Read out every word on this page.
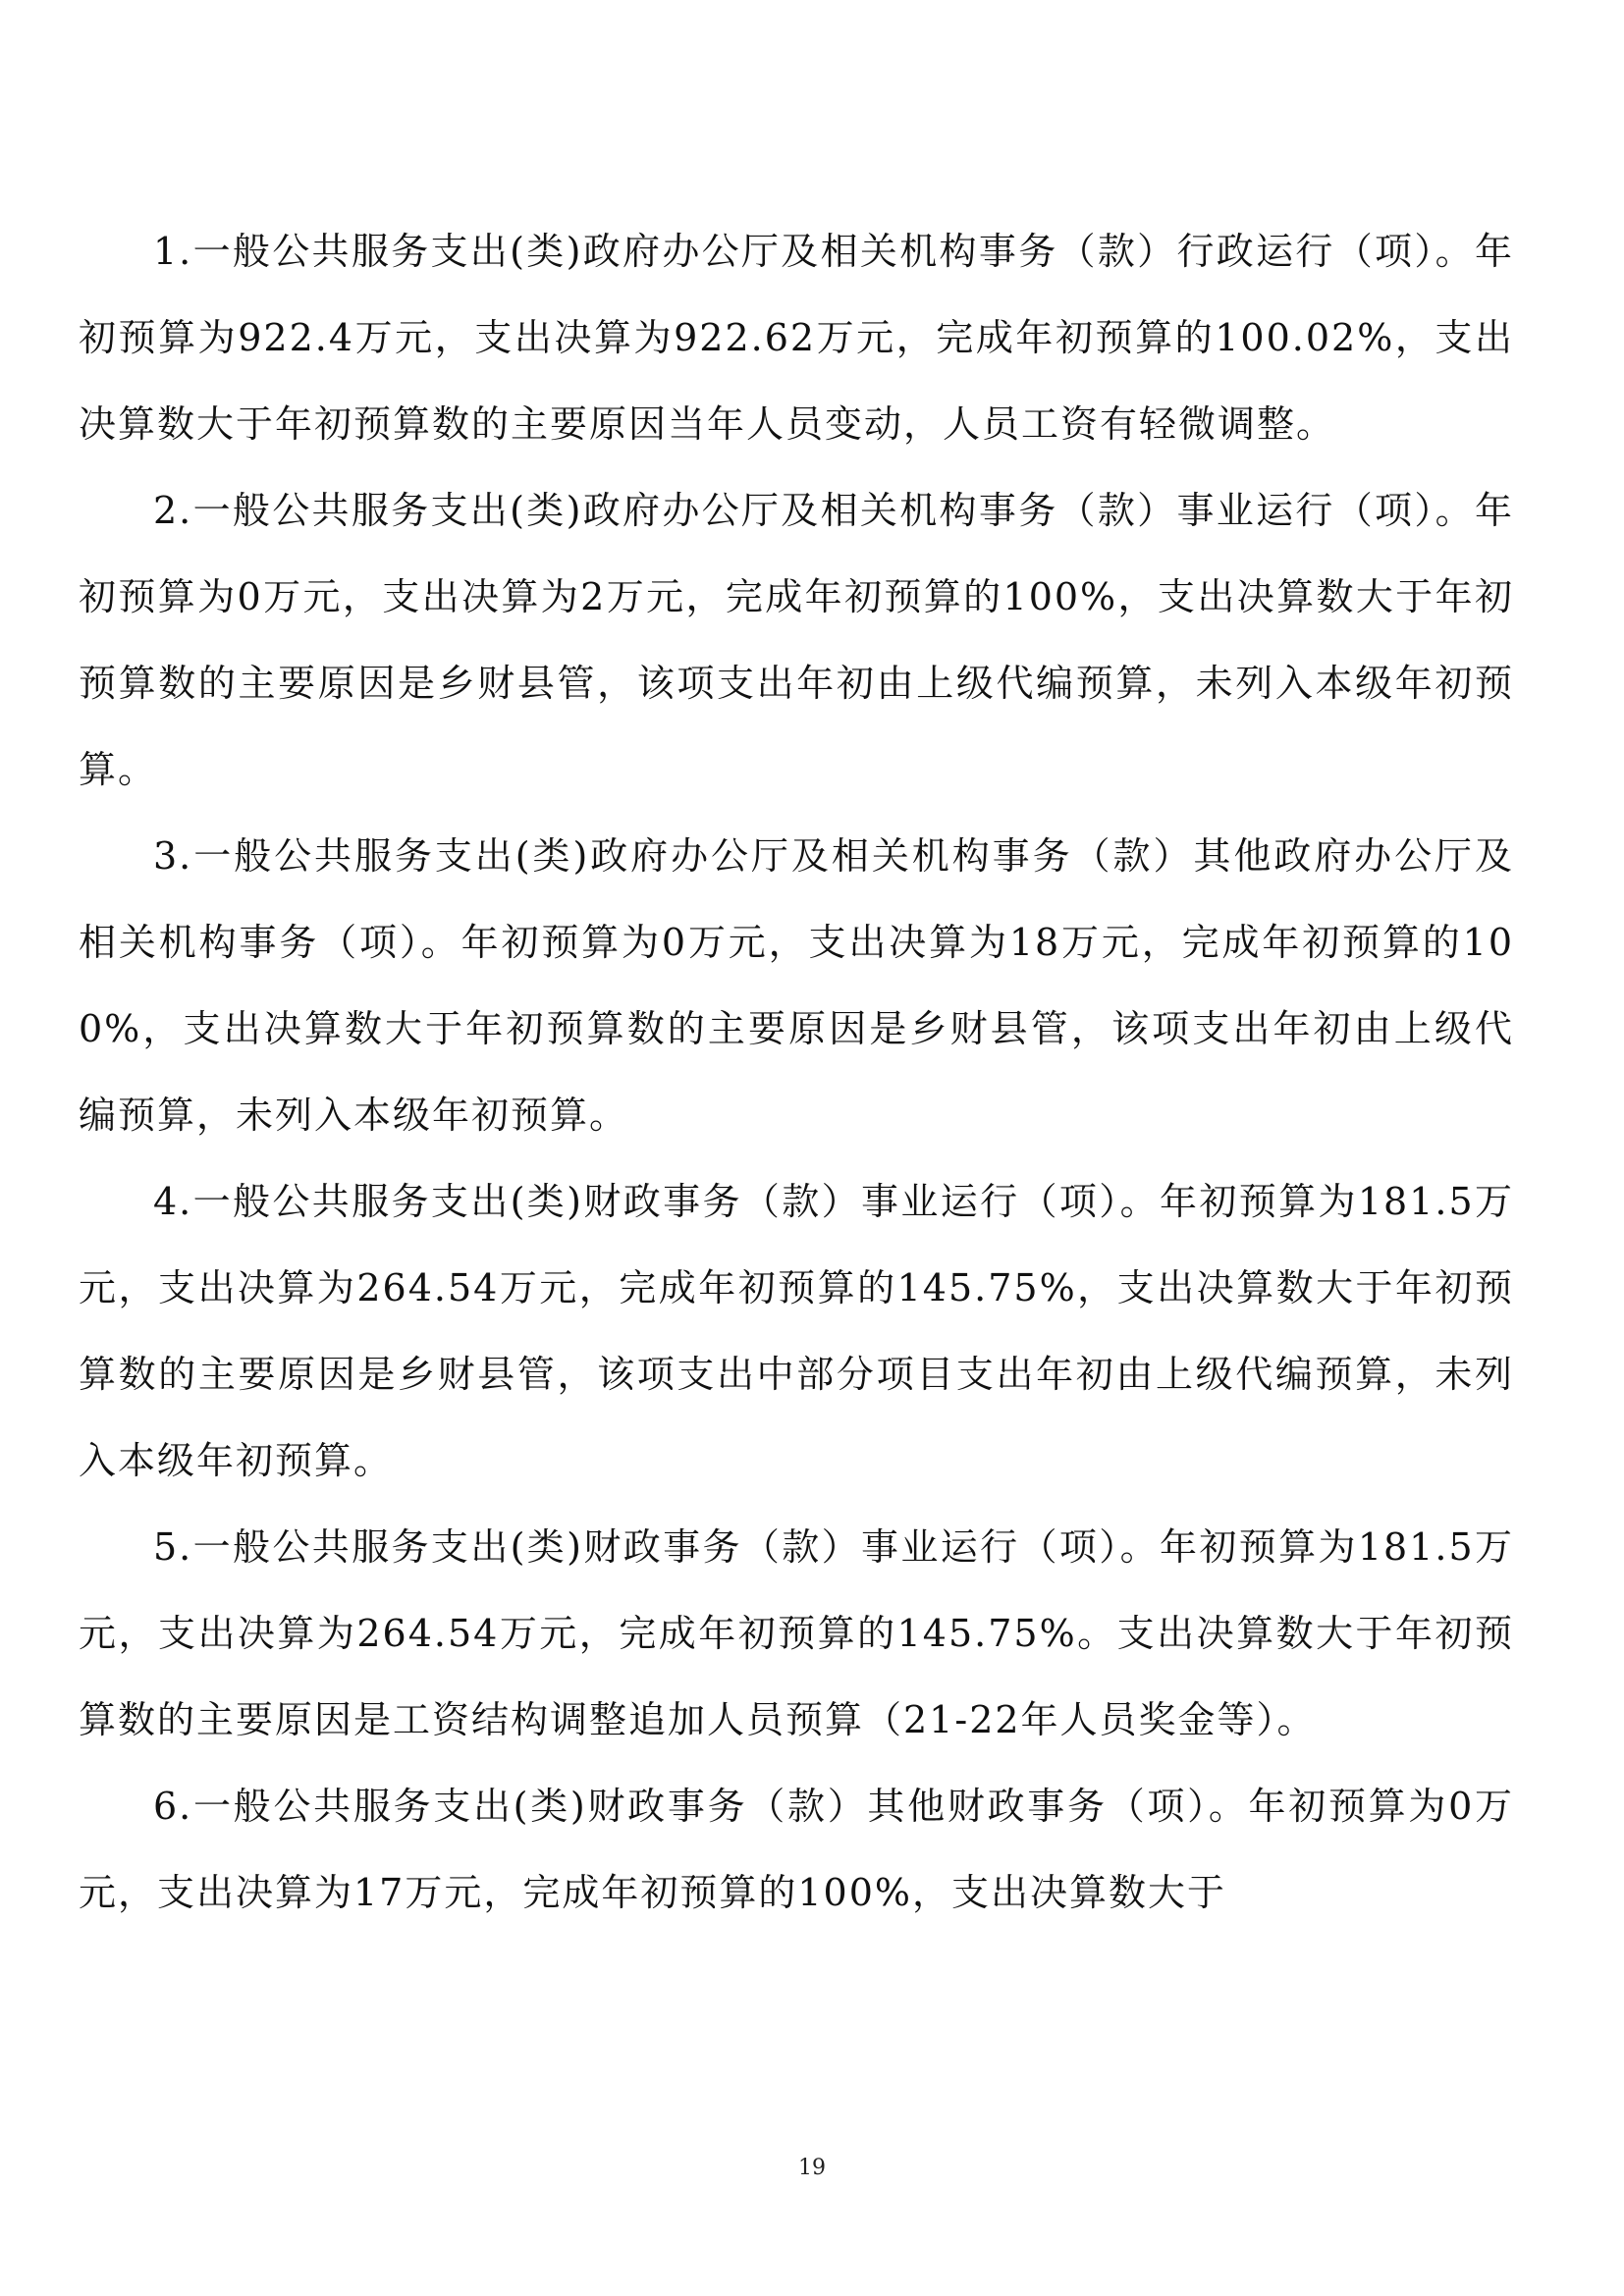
1.一般公共服务支出(类)政府办公厅及相关机构事务（款）行政运行（项）。年初预算为922.4万元，支出决算为922.62万元，完成年初预算的100.02%，支出决算数大于年初预算数的主要原因当年人员变动，人员工资有轻微调整。

2.一般公共服务支出(类)政府办公厅及相关机构事务（款）事业运行（项）。年初预算为0万元，支出决算为2万元，完成年初预算的100%，支出决算数大于年初预算数的主要原因是乡财县管，该项支出年初由上级代编预算，未列入本级年初预算。

3.一般公共服务支出(类)政府办公厅及相关机构事务（款）其他政府办公厅及相关机构事务（项）。年初预算为0万元，支出决算为18万元，完成年初预算的100%，支出决算数大于年初预算数的主要原因是乡财县管，该项支出年初由上级代编预算，未列入本级年初预算。

4.一般公共服务支出(类)财政事务（款）事业运行（项）。年初预算为181.5万元，支出决算为264.54万元，完成年初预算的145.75%，支出决算数大于年初预算数的主要原因是乡财县管，该项支出中部分项目支出年初由上级代编预算，未列入本级年初预算。

5.一般公共服务支出(类)财政事务（款）事业运行（项）。年初预算为181.5万元，支出决算为264.54万元，完成年初预算的145.75%。支出决算数大于年初预算数的主要原因是工资结构调整追加人员预算（21-22年人员奖金等）。

6.一般公共服务支出(类)财政事务（款）其他财政事务（项）。年初预算为0万元，支出决算为17万元，完成年初预算的100%，支出决算数大于

19
